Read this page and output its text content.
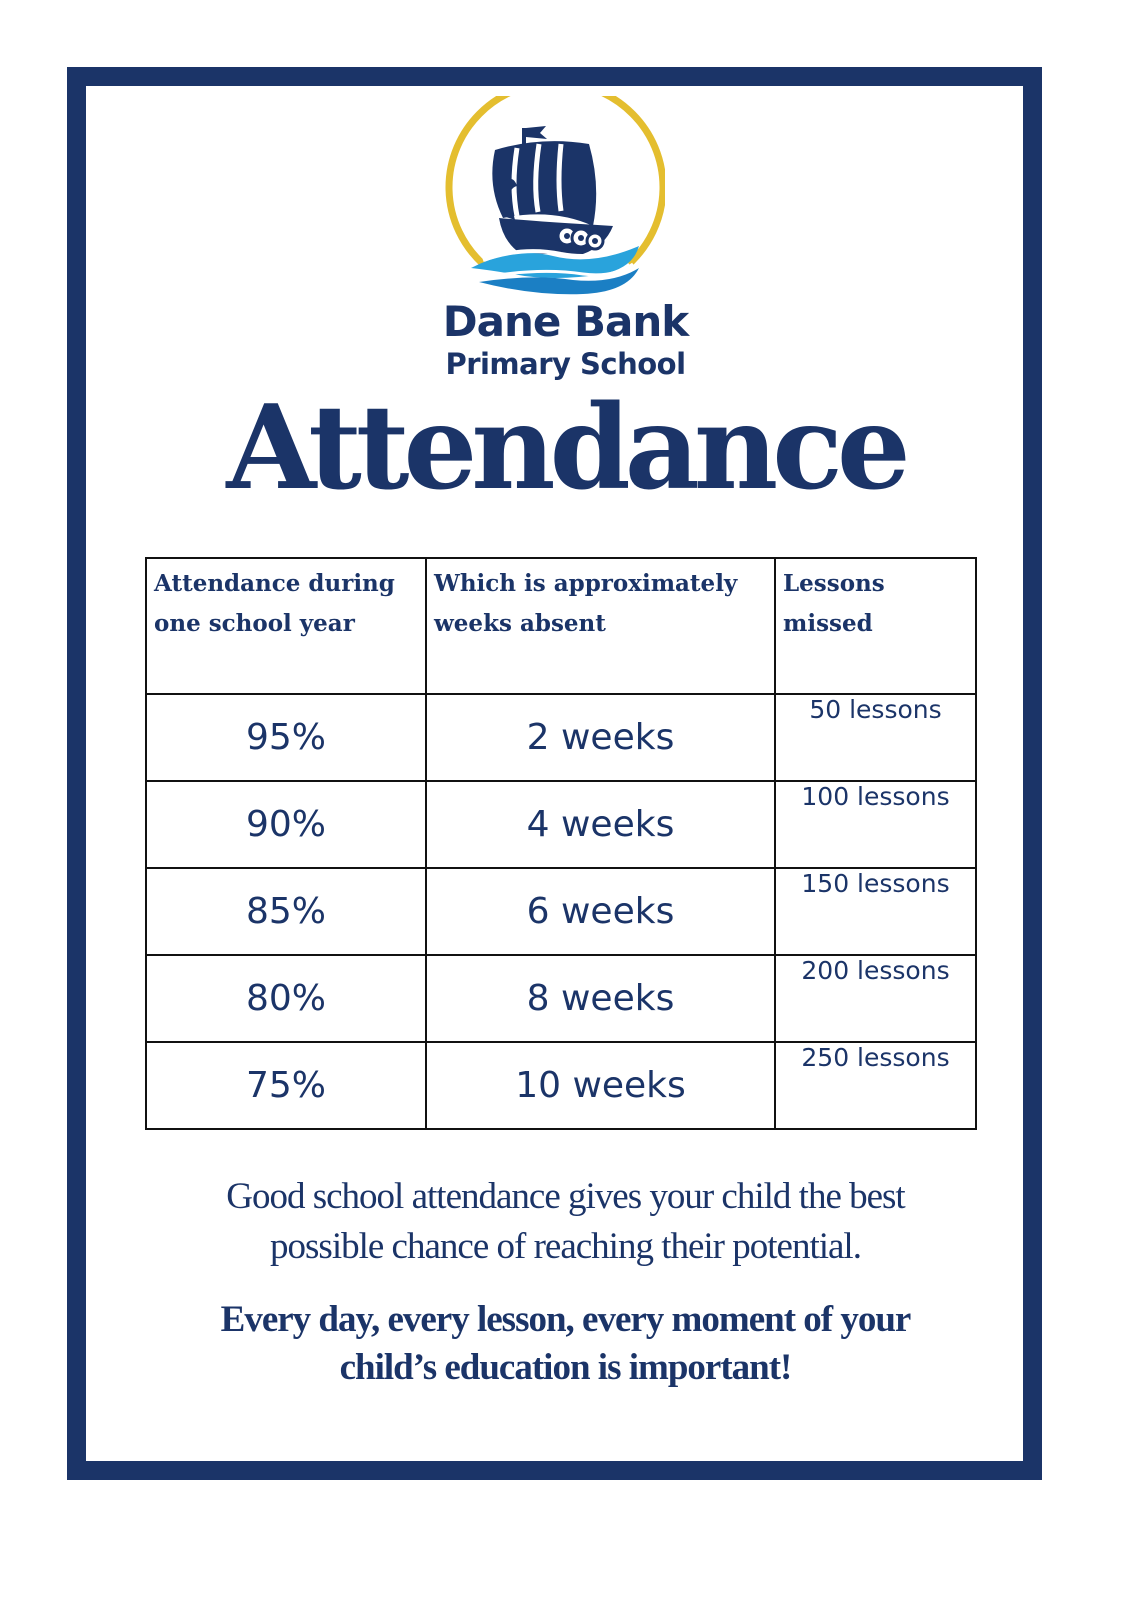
Dane Bank

Primary School

Attendance
Attendance during one school year	Which is approximately weeks absent	Lessons missed
95%	2 weeks	50 lessons
90%	4 weeks	100 lessons
85%	6 weeks	150 lessons
80%	8 weeks	200 lessons
75%	10 weeks	250 lessons
Good school attendance gives your child the best
possible chance of reaching their potential.
Every day, every lesson, every moment of your
child’s education is important!
